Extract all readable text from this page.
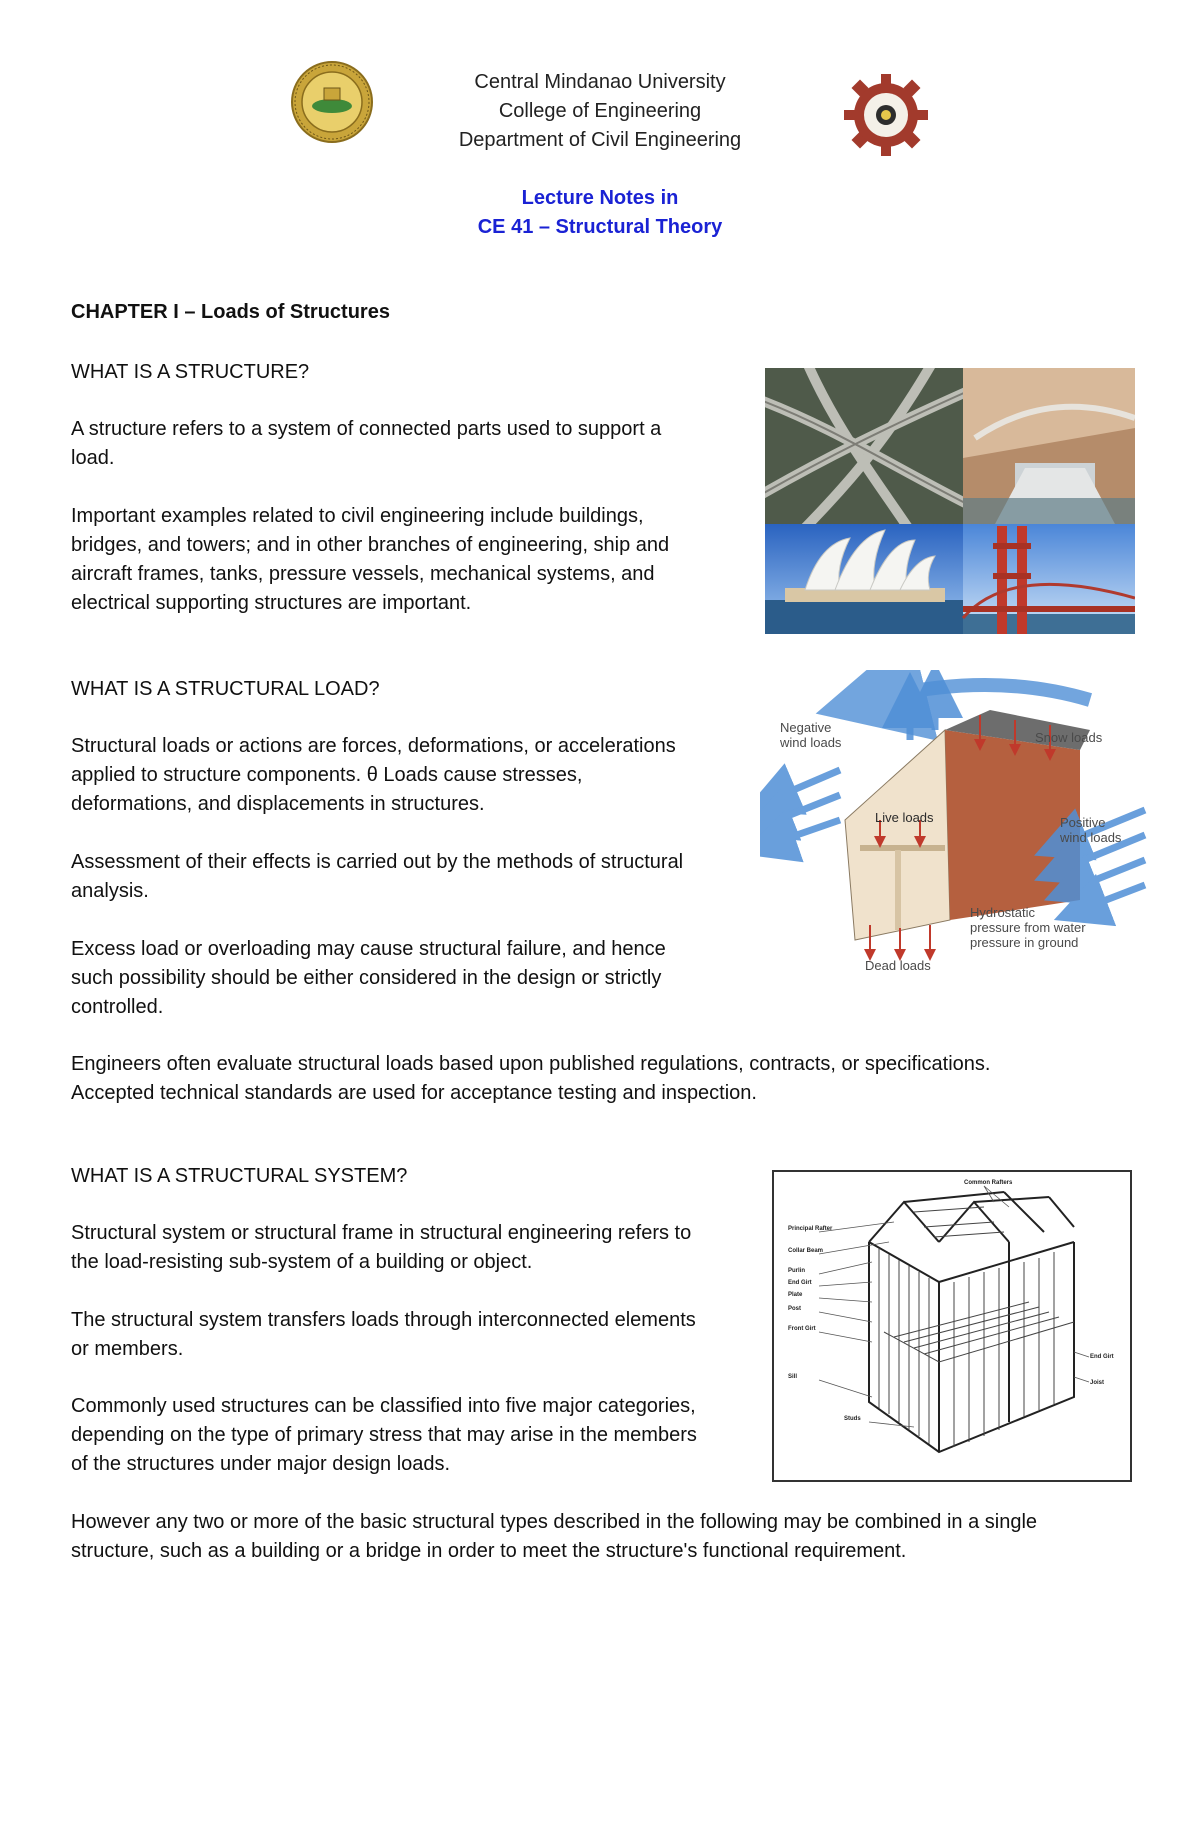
Central Mindanao University
College of Engineering
Department of Civil Engineering
Lecture Notes in
CE 41 – Structural Theory
CHAPTER I – Loads of Structures
WHAT IS A STRUCTURE?
A structure refers to a system of connected parts used to support a
load.
Important examples related to civil engineering include buildings,
bridges, and towers; and in other branches of engineering, ship and
aircraft frames, tanks, pressure vessels, mechanical systems, and
electrical supporting structures are important.
WHAT IS A STRUCTURAL LOAD?
Structural loads or actions are forces, deformations, or accelerations
applied to structure components. θ Loads cause stresses,
deformations, and displacements in structures.
Assessment of their effects is carried out by the methods of structural
analysis.
Excess load or overloading may cause structural failure, and hence
such possibility should be either considered in the design or strictly
controlled.
Engineers often evaluate structural loads based upon published regulations, contracts, or specifications.
Accepted technical standards are used for acceptance testing and inspection.
Negative
wind loads	Snow loads
Live loads	Positive
wind loads
Hydrostatic
pressure from water
pressure in ground
Dead loads
WHAT IS A STRUCTURAL SYSTEM?
Structural system or structural frame in structural engineering refers to
the load-resisting sub-system of a building or object.
The structural system transfers loads through interconnected elements
or members.
Commonly used structures can be classified into five major categories,
depending on the type of primary stress that may arise in the members
of the structures under major design loads.
However any two or more of the basic structural types described in the following may be combined in a single
structure, such as a building or a bridge in order to meet the structure's functional requirement.
Principal Rafter
Collar Beam
Purlin
End Girt
Plate
Post
Front Girt
Sill
Studs
Common Rafters
End Girt
Joist
